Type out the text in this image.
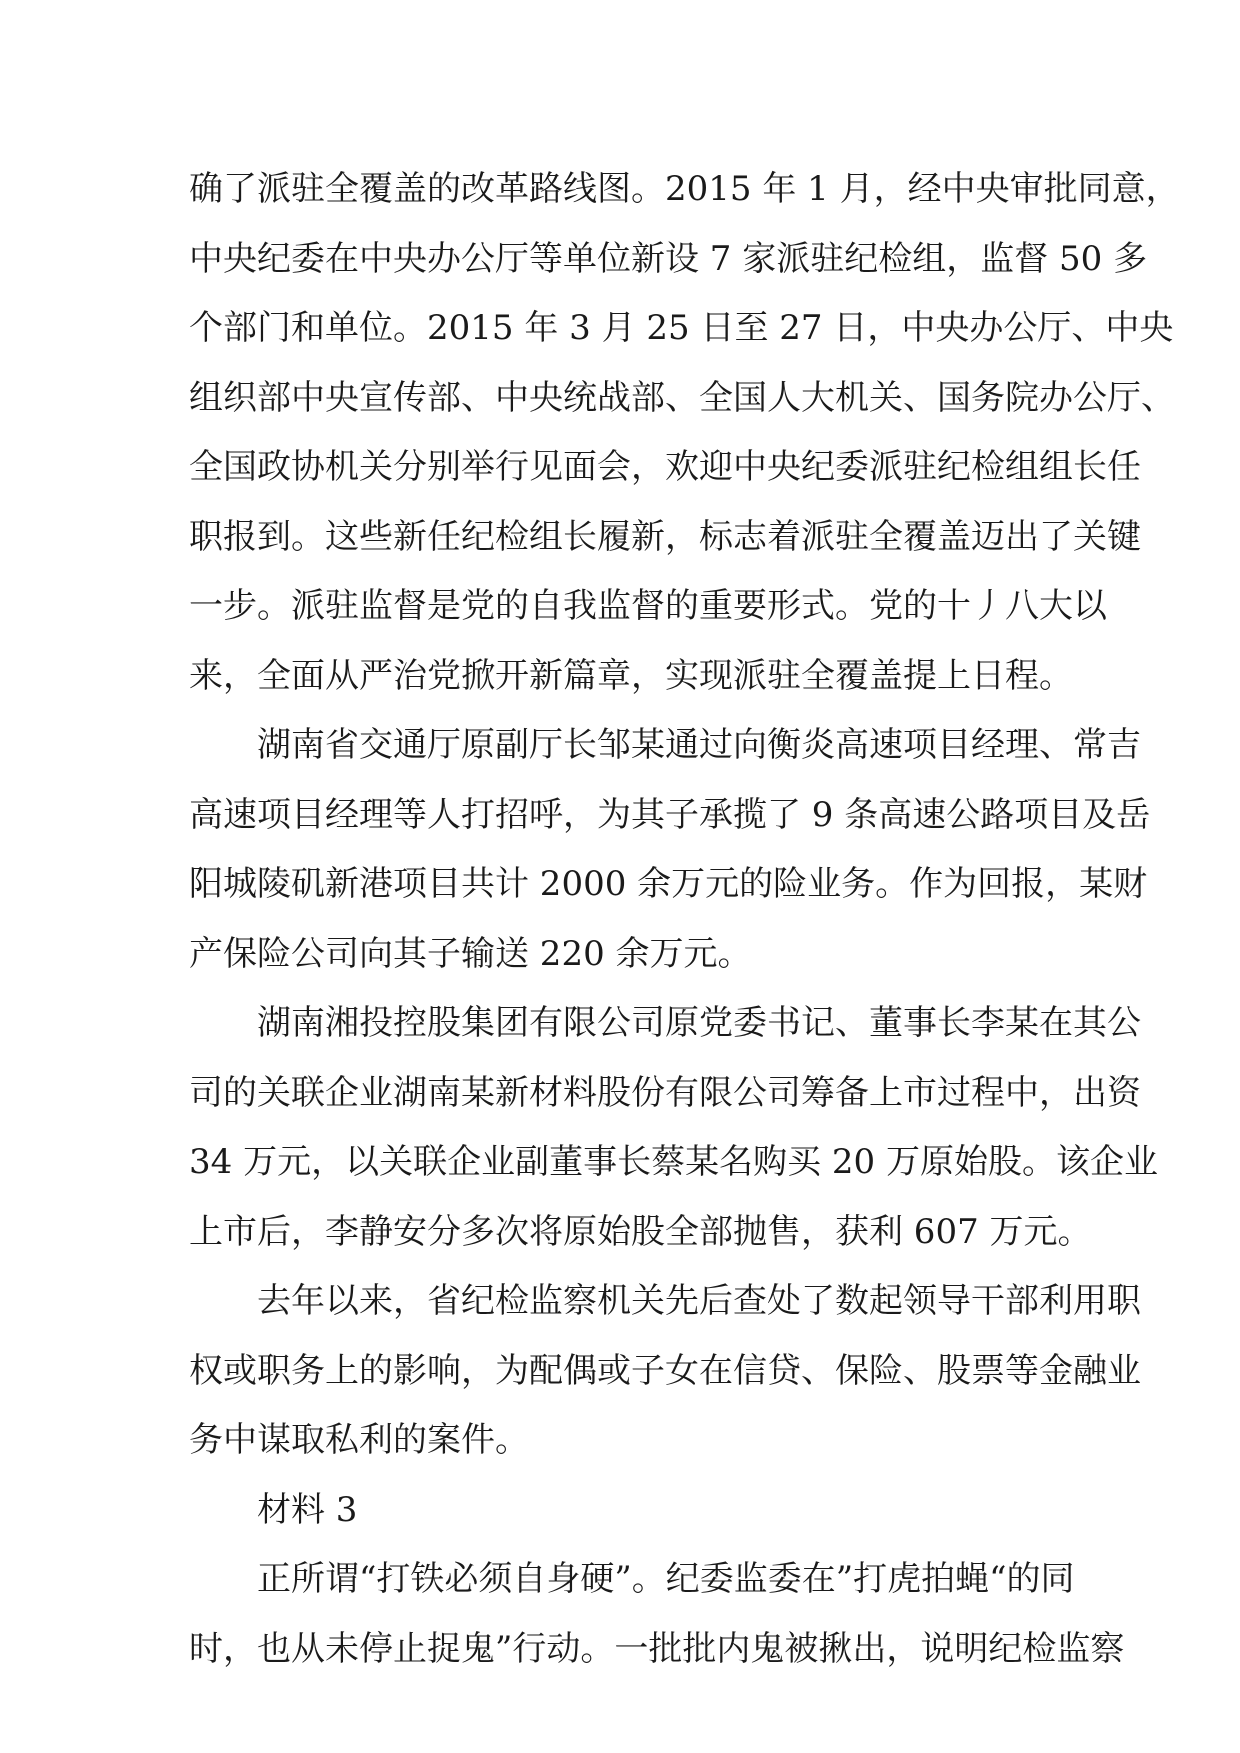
确了派驻全覆盖的改革路线图。2015 年 1 月，经中央审批同意，
中央纪委在中央办公厅等单位新设 7 家派驻纪检组，监督 50 多
个部门和单位。2015 年 3 月 25 日至 27 日，中央办公厅、中央
组织部中央宣传部、中央统战部、全国人大机关、国务院办公厅、
全国政协机关分别举行见面会，欢迎中央纪委派驻纪检组组长任
职报到。这些新任纪检组长履新，标志着派驻全覆盖迈出了关键
一步。派驻监督是党的自我监督的重要形式。党的十丿八大以
来，全面从严治党掀开新篇章，实现派驻全覆盖提上日程。
湖南省交通厅原副厅长邹某通过向衡炎高速项目经理、常吉
高速项目经理等人打招呼，为其子承揽了 9 条高速公路项目及岳
阳城陵矶新港项目共计 2000 余万元的险业务。作为回报，某财
产保险公司向其子输送 220 余万元。
湖南湘投控股集团有限公司原党委书记、董事长李某在其公
司的关联企业湖南某新材料股份有限公司筹备上市过程中，出资
34 万元，以关联企业副董事长蔡某名购买 20 万原始股。该企业
上市后，李静安分多次将原始股全部抛售，获利 607 万元。
去年以来，省纪检监察机关先后查处了数起领导干部利用职
权或职务上的影响，为配偶或子女在信贷、保险、股票等金融业
务中谋取私利的案件。
材料 3
正所谓“打铁必须自身硬”。纪委监委在”打虎拍蝇“的同
时，也从未停止捉鬼”行动。一批批内鬼被揪出，说明纪检监察
